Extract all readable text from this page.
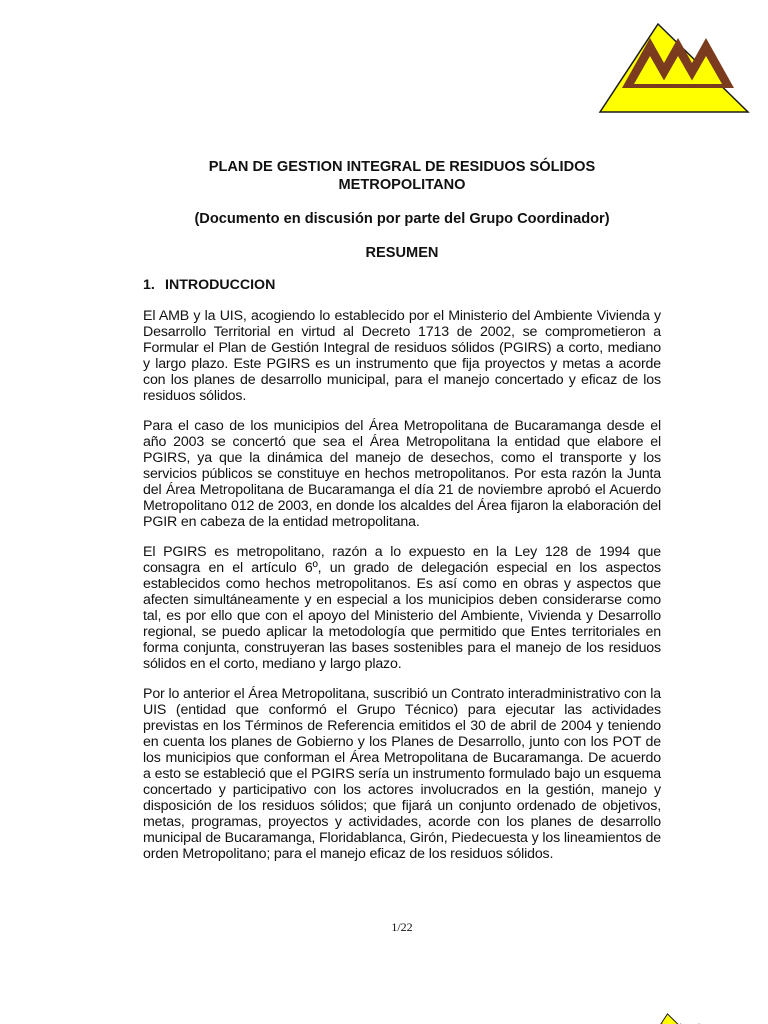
PLAN DE GESTION INTEGRAL DE RESIDUOS SÓLIDOS
METROPOLITANO
(Documento en discusión por parte del Grupo Coordinador)
RESUMEN
1. INTRODUCCION

El AMB y la UIS, acogiendo lo establecido por el Ministerio del Ambiente Vivienda y Desarrollo Territorial en virtud al Decreto 1713 de 2002, se comprometieron a Formular el Plan de Gestión Integral de residuos sólidos (PGIRS) a corto, mediano y largo plazo. Este PGIRS es un instrumento que fija proyectos y metas a acorde con los planes de desarrollo municipal, para el manejo concertado y eficaz de los residuos sólidos.

Para el caso de los municipios del Área Metropolitana de Bucaramanga desde el año 2003 se concertó que sea el Área Metropolitana la entidad que elabore el PGIRS, ya que la dinámica del manejo de desechos, como el transporte y los servicios públicos se constituye en hechos metropolitanos. Por esta razón la Junta del Área Metropolitana de Bucaramanga el día 21 de noviembre aprobó el Acuerdo Metropolitano 012 de 2003, en donde los alcaldes del Área fijaron la elaboración del PGIR en cabeza de la entidad metropolitana.

El PGIRS es metropolitano, razón a lo expuesto en la Ley 128 de 1994 que consagra en el artículo 6º, un grado de delegación especial en los aspectos establecidos como hechos metropolitanos. Es así como en obras y aspectos que afecten simultáneamente y en especial a los municipios deben considerarse como tal, es por ello que con el apoyo del Ministerio del Ambiente, Vivienda y Desarrollo regional, se puedo aplicar la metodología que permitido que Entes territoriales en forma conjunta, construyeran las bases sostenibles para el manejo de los residuos sólidos en el corto, mediano y largo plazo.

Por lo anterior el Área Metropolitana, suscribió un Contrato interadministrativo con la UIS (entidad que conformó el Grupo Técnico) para ejecutar las actividades previstas en los Términos de Referencia emitidos el 30 de abril de 2004 y teniendo en cuenta los planes de Gobierno y los Planes de Desarrollo, junto con los POT de los municipios que conforman el Área Metropolitana de Bucaramanga. De acuerdo a esto se estableció que el PGIRS sería un instrumento formulado bajo un esquema concertado y participativo con los actores involucrados en la gestión, manejo y disposición de los residuos sólidos; que fijará un conjunto ordenado de objetivos, metas, programas, proyectos y actividades, acorde con los planes de desarrollo municipal de Bucaramanga, Floridablanca, Girón, Piedecuesta y los lineamientos de orden Metropolitano; para el manejo eficaz de los residuos sólidos.

1/22
